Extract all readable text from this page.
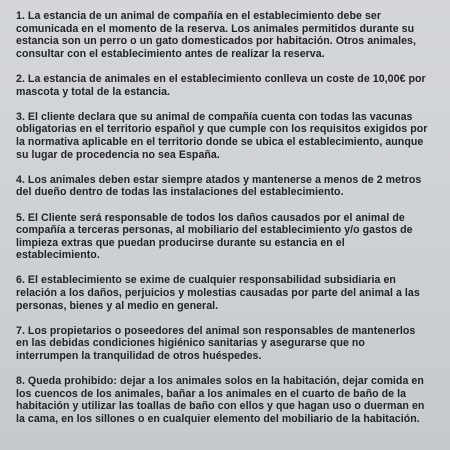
1. La estancia de un animal de compañía en el establecimiento debe ser
comunicada en el momento de la reserva. Los animales permitidos durante su
estancia son un perro o un gato domesticados por habitación. Otros animales,
consultar con el establecimiento antes de realizar la reserva.
2. La estancia de animales en el establecimiento conlleva un coste de 10,00€ por
mascota y total de la estancia.
3. El cliente declara que su animal de compañía cuenta con todas las vacunas
obligatorias en el territorio español y que cumple con los requisitos exigidos por
la normativa aplicable en el territorio donde se ubica el establecimiento, aunque
su lugar de procedencia no sea España.
4. Los animales deben estar siempre atados y mantenerse a menos de 2 metros
del dueño dentro de todas las instalaciones del establecimiento.
5. El Cliente será responsable de todos los daños causados por el animal de
compañía a terceras personas, al mobiliario del establecimiento y/o gastos de
limpieza extras que puedan producirse durante su estancia en el
establecimiento.
6. El establecimiento se exime de cualquier responsabilidad subsidiaria en
relación a los daños, perjuicios y molestias causadas por parte del animal a las
personas, bienes y al medio en general.
7. Los propietarios o poseedores del animal son responsables de mantenerlos
en las debidas condiciones higiénico sanitarias y asegurarse que no
interrumpen la tranquilidad de otros huéspedes.
8. Queda prohibido: dejar a los animales solos en la habitación, dejar comida en
los cuencos de los animales, bañar a los animales en el cuarto de baño de la
habitación y utilizar las toallas de baño con ellos y que hagan uso o duerman en
la cama, en los sillones o en cualquier elemento del mobiliario de la habitación.
